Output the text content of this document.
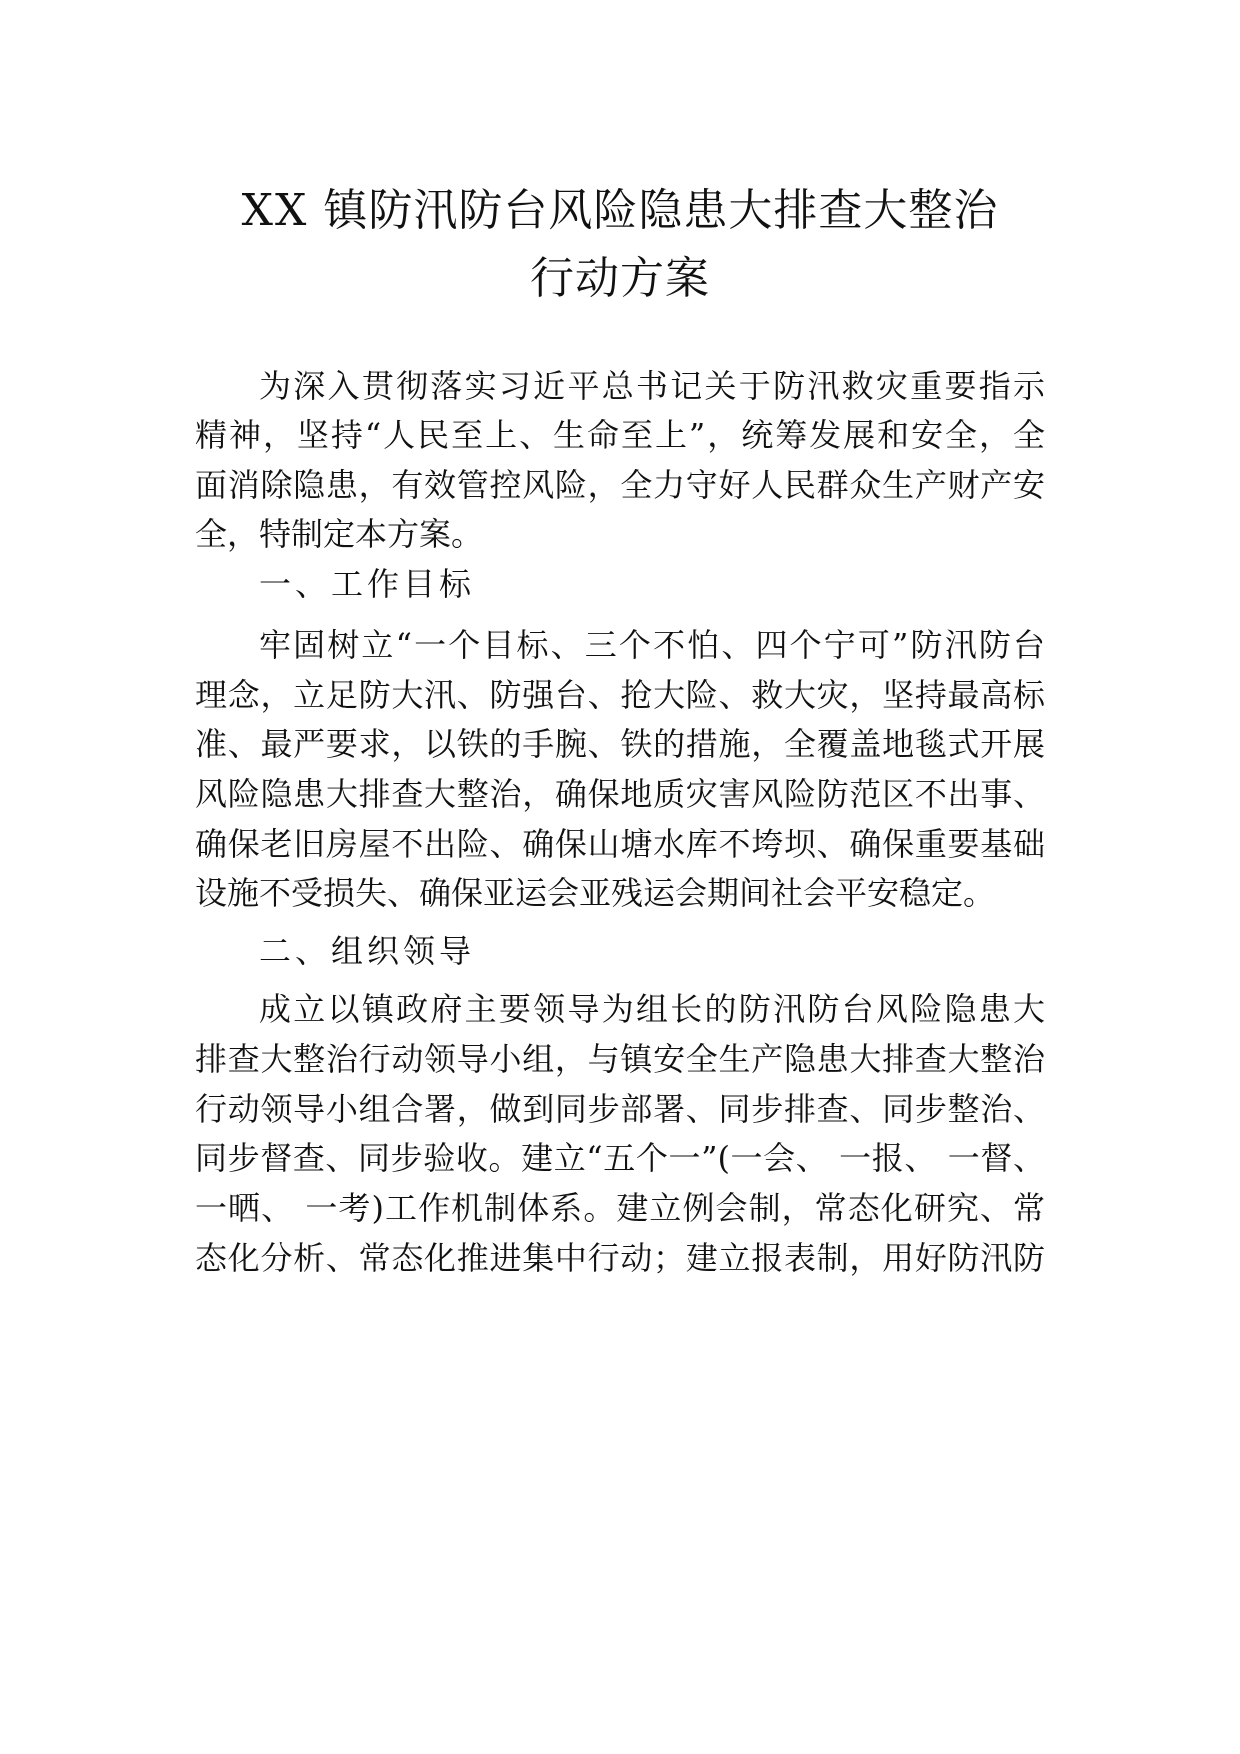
XX 镇防汛防台风险隐患大排查大整治
行动方案

为深入贯彻落实习近平总书记关于防汛救灾重要指示

精神，坚持“人民至上、生命至上”，统筹发展和安全，全

面消除隐患，有效管控风险，全力守好人民群众生产财产安

全，特制定本方案。

一、工作目标

牢固树立“一个目标、三个不怕、四个宁可”防汛防台

理念，立足防大汛、防强台、抢大险、救大灾，坚持最高标

准、最严要求，以铁的手腕、铁的措施，全覆盖地毯式开展

风险隐患大排查大整治，确保地质灾害风险防范区不出事、

确保老旧房屋不出险、确保山塘水库不垮坝、确保重要基础

设施不受损失、确保亚运会亚残运会期间社会平安稳定。

二、组织领导

成立以镇政府主要领导为组长的防汛防台风险隐患大

排查大整治行动领导小组，与镇安全生产隐患大排查大整治

行动领导小组合署，做到同步部署、同步排查、同步整治、

同步督查、同步验收。建立“五个一”(一会、 一报、 一督、

一晒、 一考)工作机制体系。建立例会制，常态化研究、常

态化分析、常态化推进集中行动；建立报表制，用好防汛防
